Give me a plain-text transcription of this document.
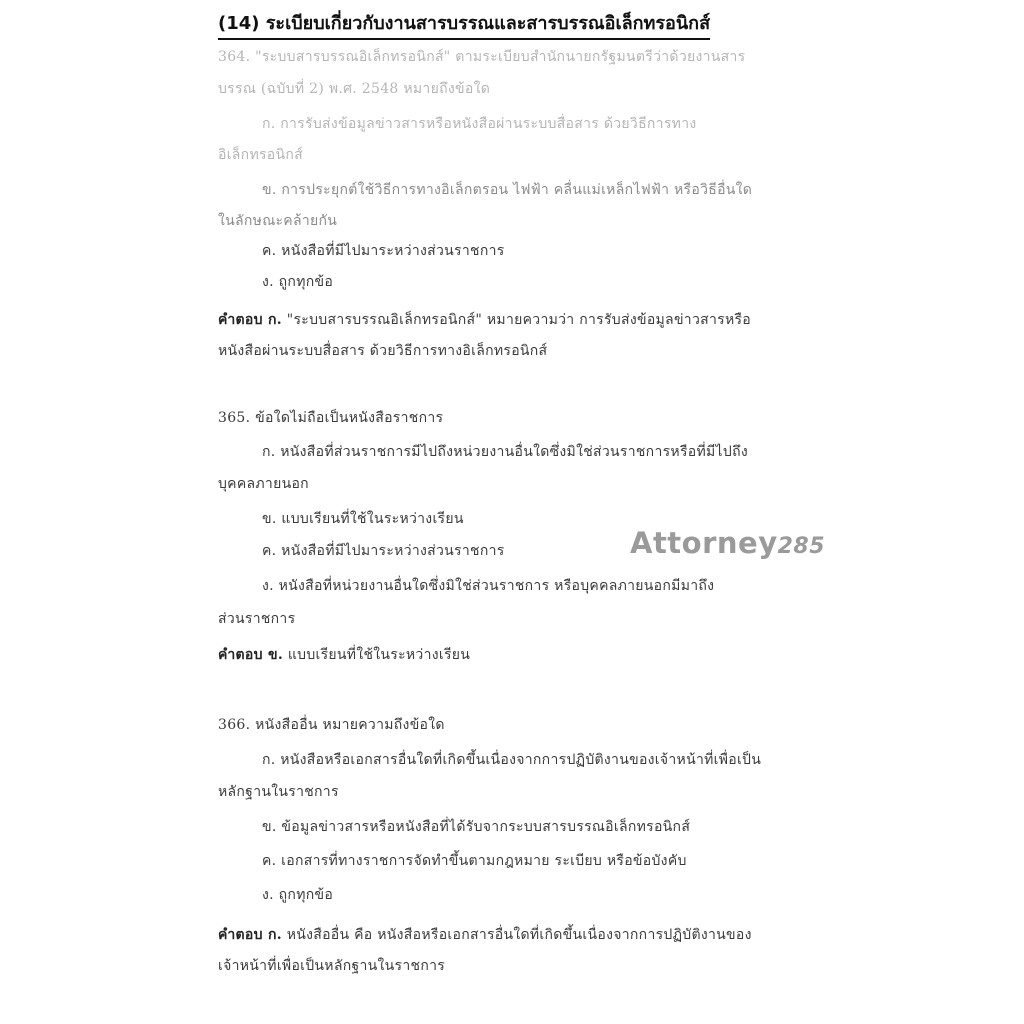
(14) ระเบียบเกี่ยวกับงานสารบรรณและสารบรรณอิเล็กทรอนิกส์
364. "ระบบสารบรรณอิเล็กทรอนิกส์" ตามระเบียบสำนักนายกรัฐมนตรีว่าด้วยงานสาร
บรรณ (ฉบับที่ 2) พ.ศ. 2548 หมายถึงข้อใด
ก. การรับส่งข้อมูลข่าวสารหรือหนังสือผ่านระบบสื่อสาร ด้วยวิธีการทาง
อิเล็กทรอนิกส์
ข. การประยุกต์ใช้วิธีการทางอิเล็กตรอน ไฟฟ้า คลื่นแม่เหล็กไฟฟ้า หรือวิธีอื่นใด
ในลักษณะคล้ายกัน
ค. หนังสือที่มีไปมาระหว่างส่วนราชการ
ง. ถูกทุกข้อ
คำตอบ ก. "ระบบสารบรรณอิเล็กทรอนิกส์" หมายความว่า การรับส่งข้อมูลข่าวสารหรือ
หนังสือผ่านระบบสื่อสาร ด้วยวิธีการทางอิเล็กทรอนิกส์
365. ข้อใดไม่ถือเป็นหนังสือราชการ
ก. หนังสือที่ส่วนราชการมีไปถึงหน่วยงานอื่นใดซึ่งมิใช่ส่วนราชการหรือที่มีไปถึง
บุคคลภายนอก
ข. แบบเรียนที่ใช้ในระหว่างเรียน
ค. หนังสือที่มีไปมาระหว่างส่วนราชการ
ง. หนังสือที่หน่วยงานอื่นใดซึ่งมิใช่ส่วนราชการ หรือบุคคลภายนอกมีมาถึง
ส่วนราชการ
คำตอบ ข. แบบเรียนที่ใช้ในระหว่างเรียน
Attorney285
366. หนังสืออื่น หมายความถึงข้อใด
ก. หนังสือหรือเอกสารอื่นใดที่เกิดขึ้นเนื่องจากการปฏิบัติงานของเจ้าหน้าที่เพื่อเป็น
หลักฐานในราชการ
ข. ข้อมูลข่าวสารหรือหนังสือที่ได้รับจากระบบสารบรรณอิเล็กทรอนิกส์
ค. เอกสารที่ทางราชการจัดทำขึ้นตามกฎหมาย ระเบียบ หรือข้อบังคับ
ง. ถูกทุกข้อ
คำตอบ ก. หนังสืออื่น คือ หนังสือหรือเอกสารอื่นใดที่เกิดขึ้นเนื่องจากการปฏิบัติงานของ
เจ้าหน้าที่เพื่อเป็นหลักฐานในราชการ
